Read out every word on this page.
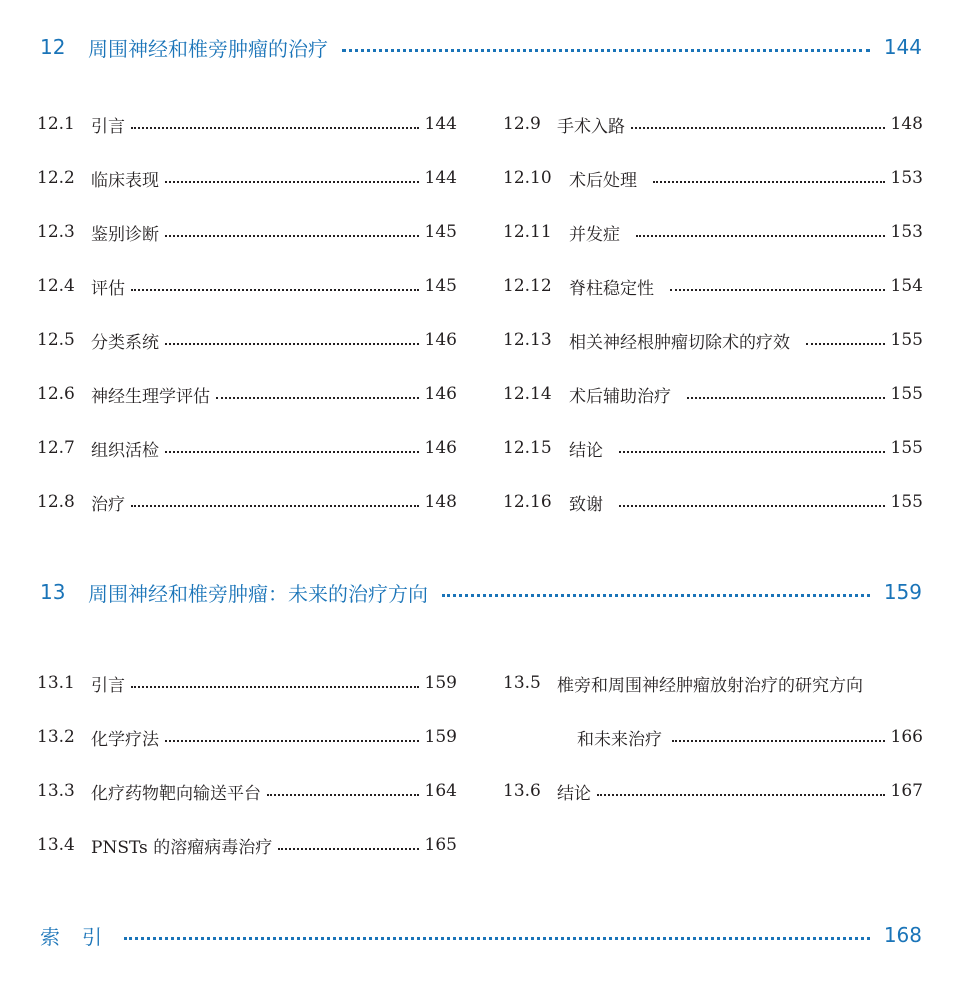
12	周围神经和椎旁肿瘤的治疗	144
12.1 引言	144
12.2 临床表现	144
12.3 鉴别诊断	145
12.4 评估	145
12.5 分类系统	146
12.6 神经生理学评估	146
12.7 组织活检	146
12.8 治疗	148
12.9 手术入路	148
12.10	术后处理	153
12.11	并发症	153
12.12	脊柱稳定性	154
12.13	相关神经根肿瘤切除术的疗效	155
12.14	术后辅助治疗	155
12.15	结论	155
12.16	致谢	155
13	周围神经和椎旁肿瘤：未来的治疗方向	159
13.1 引言	159
13.2 化学疗法	159
13.3 化疗药物靶向输送平台	164
13.4 PNSTs 的溶瘤病毒治疗	165
13.5 椎旁和周围神经肿瘤放射治疗的研究方向
和未来治疗	166
13.6 结论	167
索引	168
